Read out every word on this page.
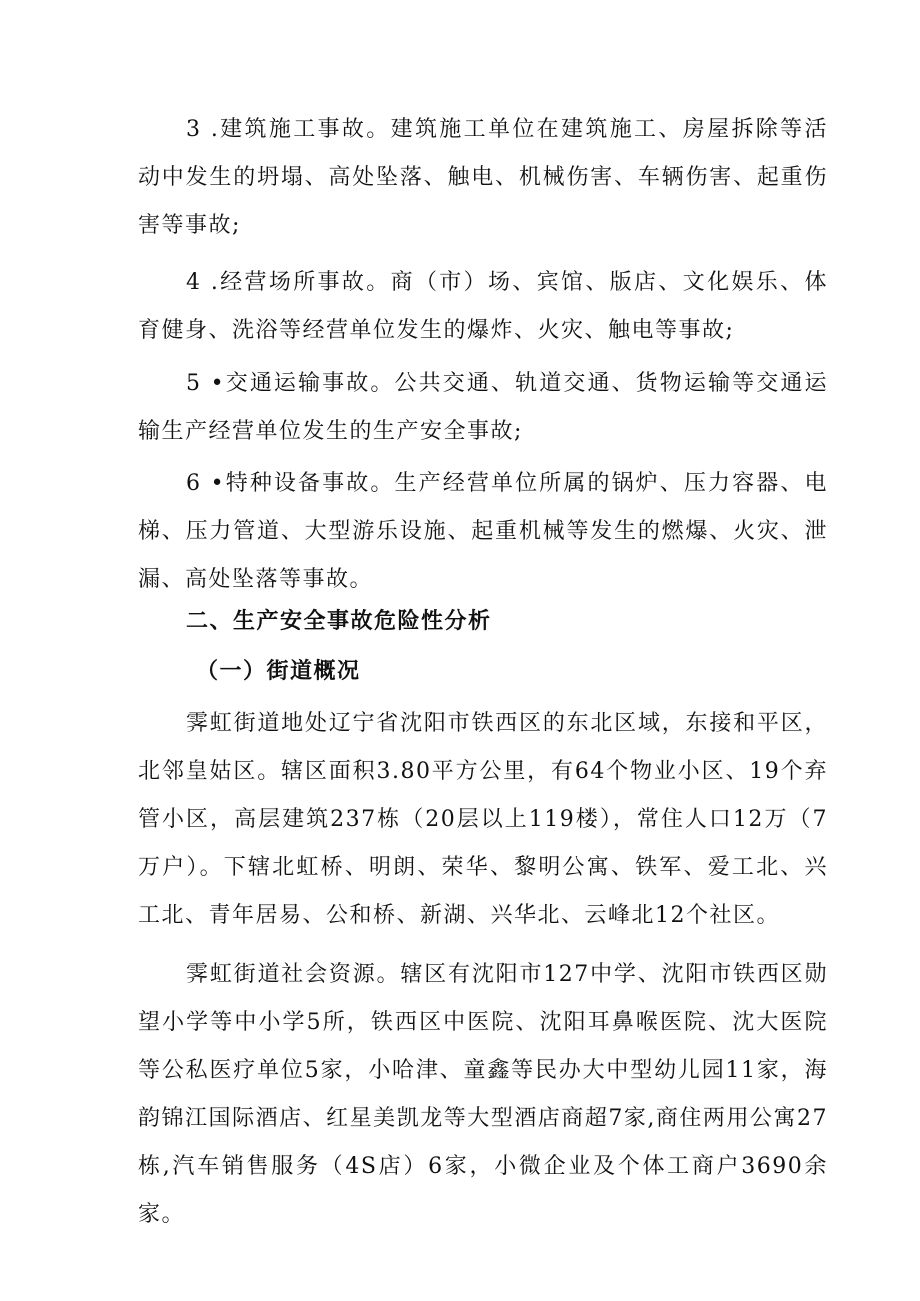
3 .建筑施工事故。建筑施工单位在建筑施工、房屋拆除等活动中发生的坍塌、高处坠落、触电、机械伤害、车辆伤害、起重伤害等事故;

4 .经营场所事故。商（市）场、宾馆、版店、文化娱乐、体育健身、洗浴等经营单位发生的爆炸、火灾、触电等事故;

5 •交通运输事故。公共交通、轨道交通、货物运输等交通运输生产经营单位发生的生产安全事故;

6 •特种设备事故。生产经营单位所属的锅炉、压力容器、电梯、压力管道、大型游乐设施、起重机械等发生的燃爆、火灾、泄漏、高处坠落等事故。

二、生产安全事故危险性分析
（一）街道概况

霁虹街道地处辽宁省沈阳市铁西区的东北区域，东接和平区，北邻皇姑区。辖区面积3.80平方公里，有64个物业小区、19个弃管小区，高层建筑237栋（20层以上119楼），常住人口12万（7万户）。下辖北虹桥、明朗、荣华、黎明公寓、铁军、爱工北、兴工北、青年居易、公和桥、新湖、兴华北、云峰北12个社区。

霁虹街道社会资源。辖区有沈阳市127中学、沈阳市铁西区勋望小学等中小学5所，铁西区中医院、沈阳耳鼻喉医院、沈大医院等公私医疗单位5家，小哈津、童鑫等民办大中型幼儿园11家，海韵锦江国际酒店、红星美凯龙等大型酒店商超7家,商住两用公寓27栋,汽车销售服务（4S店）6家，小微企业及个体工商户3690余家。
